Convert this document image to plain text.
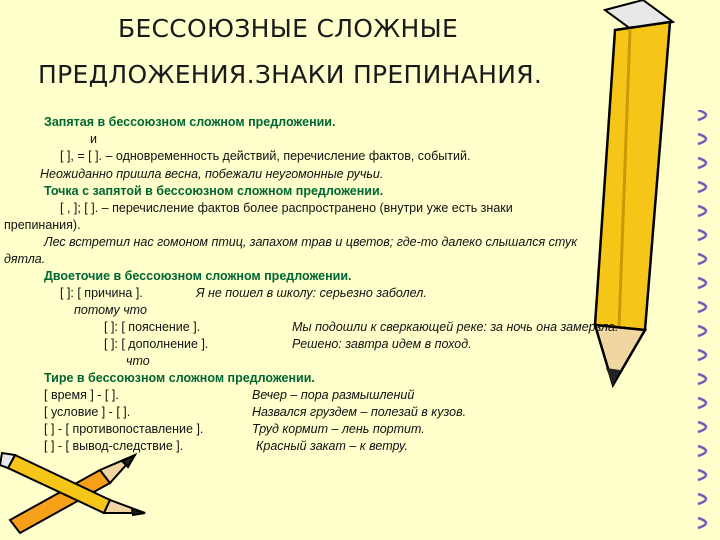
БЕССОЮЗНЫЕ СЛОЖНЫЕ
ПРЕДЛОЖЕНИЯ.ЗНАКИ ПРЕПИНАНИЯ.
Запятая в бессоюзном сложном предложении.
и
[ ], = [ ]. – одновременность действий, перечисление фактов, событий.
Неожиданно пришла весна, побежали неугомонные ручьи.
Точка с запятой в бессоюзном сложном предложении.
[ , ]; [ ]. – перечисление фактов более распространено (внутри уже есть знаки
препинания).
Лес встретил нас гомоном птиц, запахом трав и цветов; где-то далеко слышался стук
дятла.
Двоеточие в бессоюзном сложном предложении.
[ ]: [ причина ].	Я не пошел в школу: серьезно заболел.
потому что
[ ]: [ пояснение ].	Мы подошли к сверкающей реке: за ночь она замерзла.
[ ]: [ дополнение ].	Решено: завтра идем в поход.
что
Тире в бессоюзном сложном предложении.
[ время ] - [ ].	Вечер – пора размышлений
[ условие ] - [ ].	Назвался груздем – полезай в кузов.
[ ] - [ противопоставление ].	Труд кормит – лень портит.
[ ] - [ вывод-следствие ].	Красный закат – к ветру.
